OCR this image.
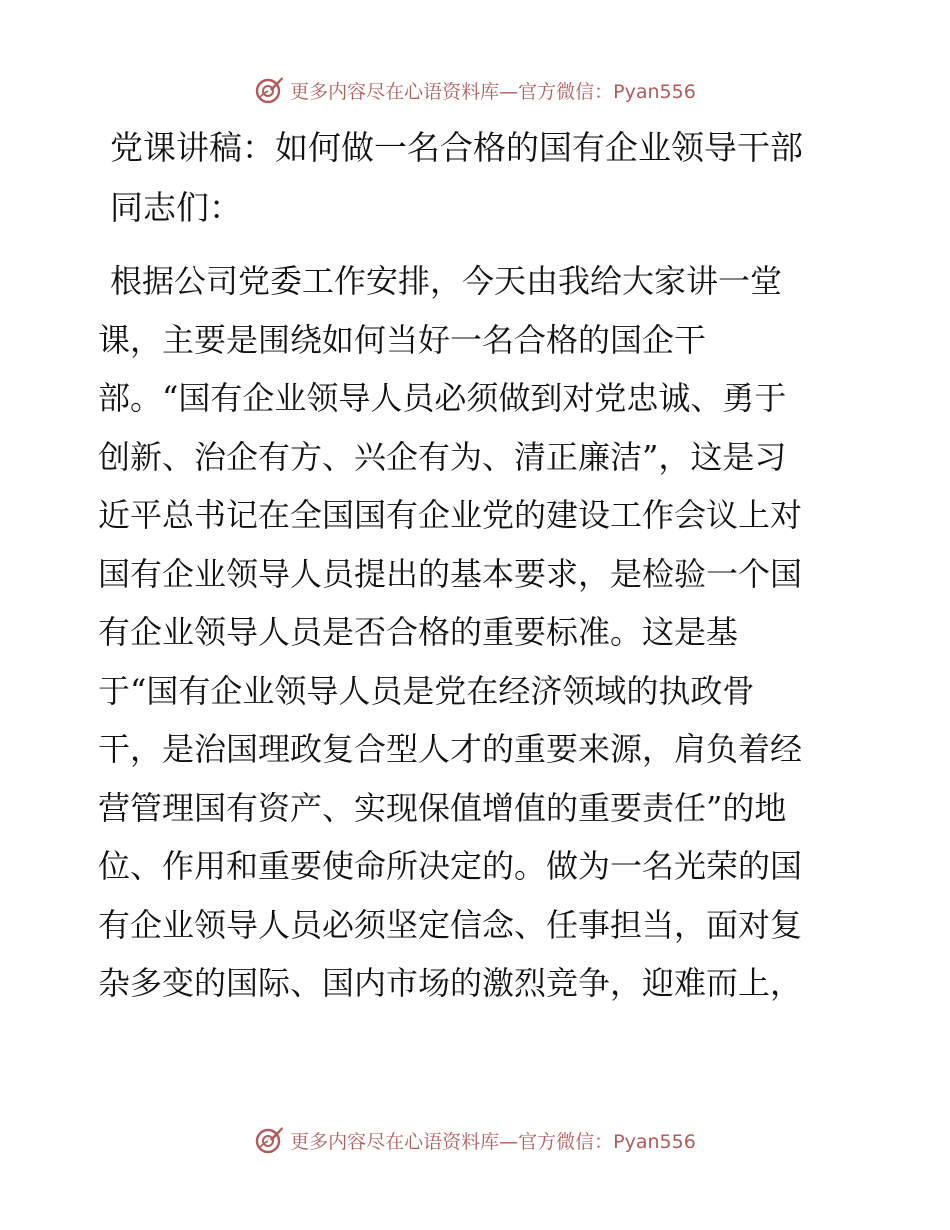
更多内容尽在心语资料库—官方微信：Pyan556
党课讲稿：如何做一名合格的国有企业领导干部
同志们：
根据公司党委工作安排，今天由我给大家讲一堂
课，主要是围绕如何当好一名合格的国企干
部。“国有企业领导人员必须做到对党忠诚、勇于
创新、治企有方、兴企有为、清正廉洁”，这是习
近平总书记在全国国有企业党的建设工作会议上对
国有企业领导人员提出的基本要求，是检验一个国
有企业领导人员是否合格的重要标准。这是基
于“国有企业领导人员是党在经济领域的执政骨
干，是治国理政复合型人才的重要来源，肩负着经
营管理国有资产、实现保值增值的重要责任”的地
位、作用和重要使命所决定的。做为一名光荣的国
有企业领导人员必须坚定信念、任事担当，面对复
杂多变的国际、国内市场的激烈竞争，迎难而上，
更多内容尽在心语资料库—官方微信：Pyan556
